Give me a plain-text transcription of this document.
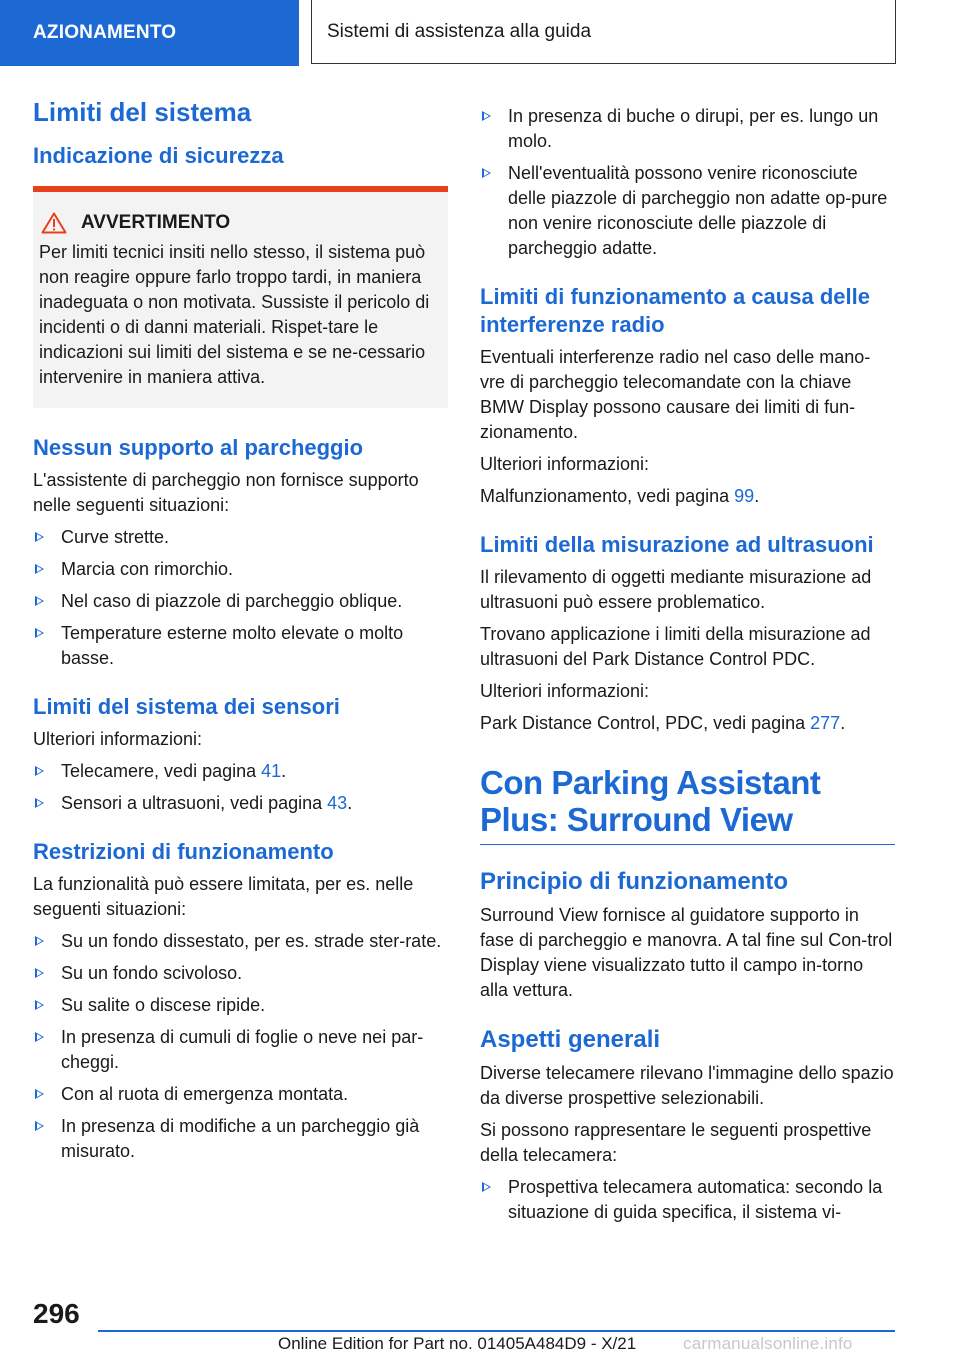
AZIONAMENTO	Sistemi di assistenza alla guida
Limiti del sistema
Indicazione di sicurezza
AVVERTIMENTO

Per limiti tecnici insiti nello stesso, il sistema può non reagire oppure farlo troppo tardi, in maniera inadeguata o non motivata. Sussiste il pericolo di incidenti o di danni materiali. Rispet-tare le indicazioni sui limiti del sistema e se ne-cessario intervenire in maniera attiva.

Nessun supporto al parcheggio

L'assistente di parcheggio non fornisce supporto nelle seguenti situazioni:

Curve strette.
Marcia con rimorchio.
Nel caso di piazzole di parcheggio oblique.
Temperature esterne molto elevate o molto basse.
Limiti del sistema dei sensori

Ulteriori informazioni:

Telecamere, vedi pagina 41.
Sensori a ultrasuoni, vedi pagina 43.
Restrizioni di funzionamento

La funzionalità può essere limitata, per es. nelle seguenti situazioni:

Su un fondo dissestato, per es. strade ster-rate.
Su un fondo scivoloso.
Su salite o discese ripide.
In presenza di cumuli di foglie o neve nei par-cheggi.
Con al ruota di emergenza montata.
In presenza di modifiche a un parcheggio già misurato.
In presenza di buche o dirupi, per es. lungo un molo.
Nell'eventualità possono venire riconosciute delle piazzole di parcheggio non adatte op-pure non venire riconosciute delle piazzole di parcheggio adatte.
Limiti di funzionamento a causa delle interferenze radio

Eventuali interferenze radio nel caso delle mano-vre di parcheggio telecomandate con la chiave BMW Display possono causare dei limiti di fun-zionamento.

Ulteriori informazioni:

Malfunzionamento, vedi pagina 99.

Limiti della misurazione ad ultrasuoni

Il rilevamento di oggetti mediante misurazione ad ultrasuoni può essere problematico.

Trovano applicazione i limiti della misurazione ad ultrasuoni del Park Distance Control PDC.

Ulteriori informazioni:

Park Distance Control, PDC, vedi pagina 277.

Con Parking Assistant Plus: Surround View
Principio di funzionamento

Surround View fornisce al guidatore supporto in fase di parcheggio e manovra. A tal fine sul Con-trol Display viene visualizzato tutto il campo in-torno alla vettura.

Aspetti generali

Diverse telecamere rilevano l'immagine dello spazio da diverse prospettive selezionabili.

Si possono rappresentare le seguenti prospettive della telecamera:

Prospettiva telecamera automatica: secondo la situazione di guida specifica, il sistema vi-
296
Online Edition for Part no. 01405A484D9 - X/21	carmanualsonline.info
